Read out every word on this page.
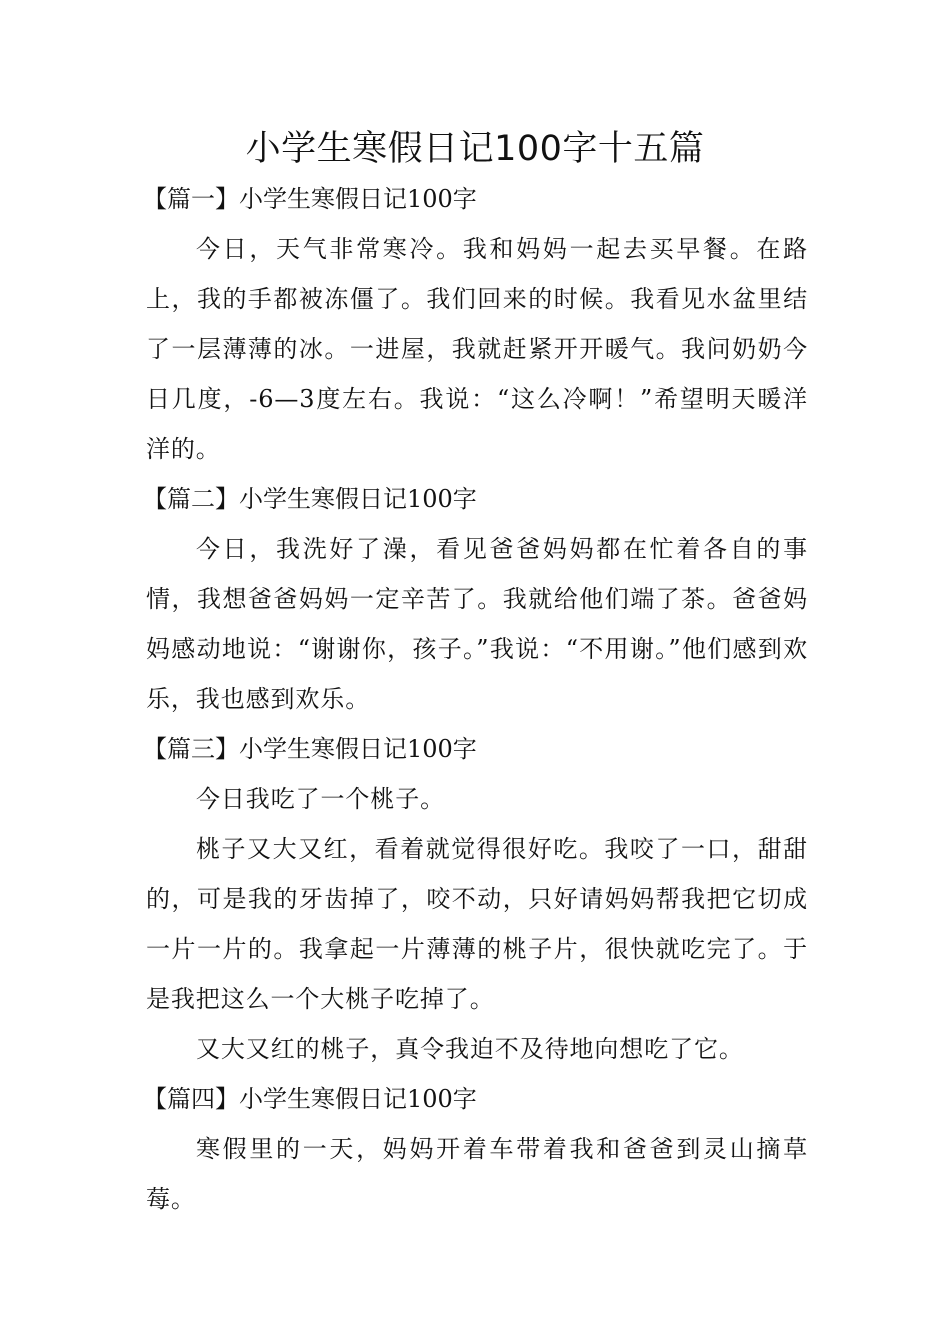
小学生寒假日记100字十五篇

【篇一】小学生寒假日记100字

今日，天气非常寒冷。我和妈妈一起去买早餐。在路上，我的手都被冻僵了。我们回来的时候。我看见水盆里结了一层薄薄的冰。一进屋，我就赶紧开开暖气。我问奶奶今日几度，-6—3度左右。我说：“这么冷啊！”希望明天暖洋洋的。

【篇二】小学生寒假日记100字

今日，我洗好了澡，看见爸爸妈妈都在忙着各自的事情，我想爸爸妈妈一定辛苦了。我就给他们端了茶。爸爸妈妈感动地说：“谢谢你，孩子。”我说：“不用谢。”他们感到欢乐，我也感到欢乐。

【篇三】小学生寒假日记100字

今日我吃了一个桃子。

桃子又大又红，看着就觉得很好吃。我咬了一口，甜甜的，可是我的牙齿掉了，咬不动，只好请妈妈帮我把它切成一片一片的。我拿起一片薄薄的桃子片，很快就吃完了。于是我把这么一个大桃子吃掉了。

又大又红的桃子，真令我迫不及待地向想吃了它。

【篇四】小学生寒假日记100字

寒假里的一天，妈妈开着车带着我和爸爸到灵山摘草莓。
